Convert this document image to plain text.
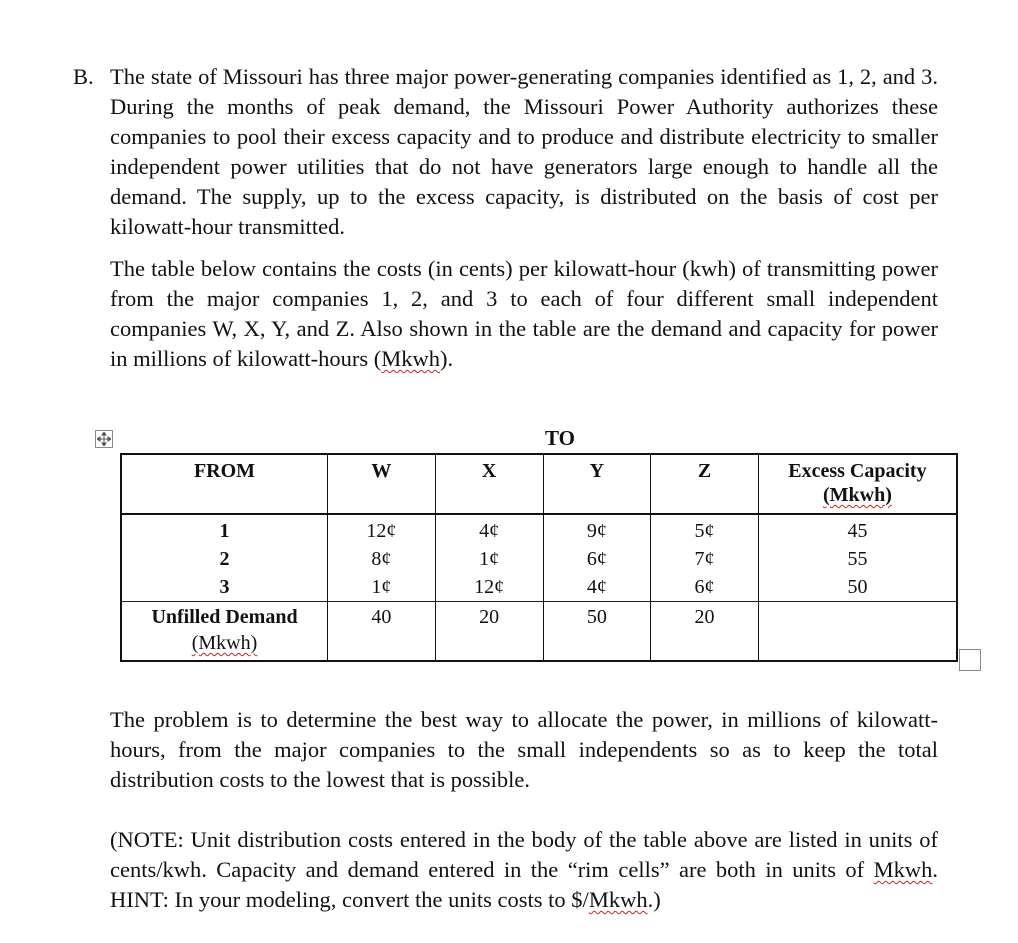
B. The state of Missouri has three major power-generating companies identified as 1, 2, and 3. During the months of peak demand, the Missouri Power Authority authorizes these companies to pool their excess capacity and to produce and distribute electricity to smaller independent power utilities that do not have generators large enough to handle all the demand. The supply, up to the excess capacity, is distributed on the basis of cost per kilowatt-hour transmitted.

The table below contains the costs (in cents) per kilowatt-hour (kwh) of transmitting power from the major companies 1, 2, and 3 to each of four different small independent companies W, X, Y, and Z. Also shown in the table are the demand and capacity for power in millions of kilowatt-hours (Mkwh).

TO
FROM	W	X	Y	Z	Excess Capacity
(Mkwh)

1	12¢	4¢	9¢	5¢	45
2	8¢	1¢	6¢	7¢	55
3	1¢	12¢	4¢	6¢	50

Unfilled Demand
(Mkwh)	40	20	50	20	

The problem is to determine the best way to allocate the power, in millions of kilowatt-hours, from the major companies to the small independents so as to keep the total distribution costs to the lowest that is possible.

(NOTE: Unit distribution costs entered in the body of the table above are listed in units of cents/kwh. Capacity and demand entered in the “rim cells” are both in units of Mkwh. HINT: In your modeling, convert the units costs to $/Mkwh.)
